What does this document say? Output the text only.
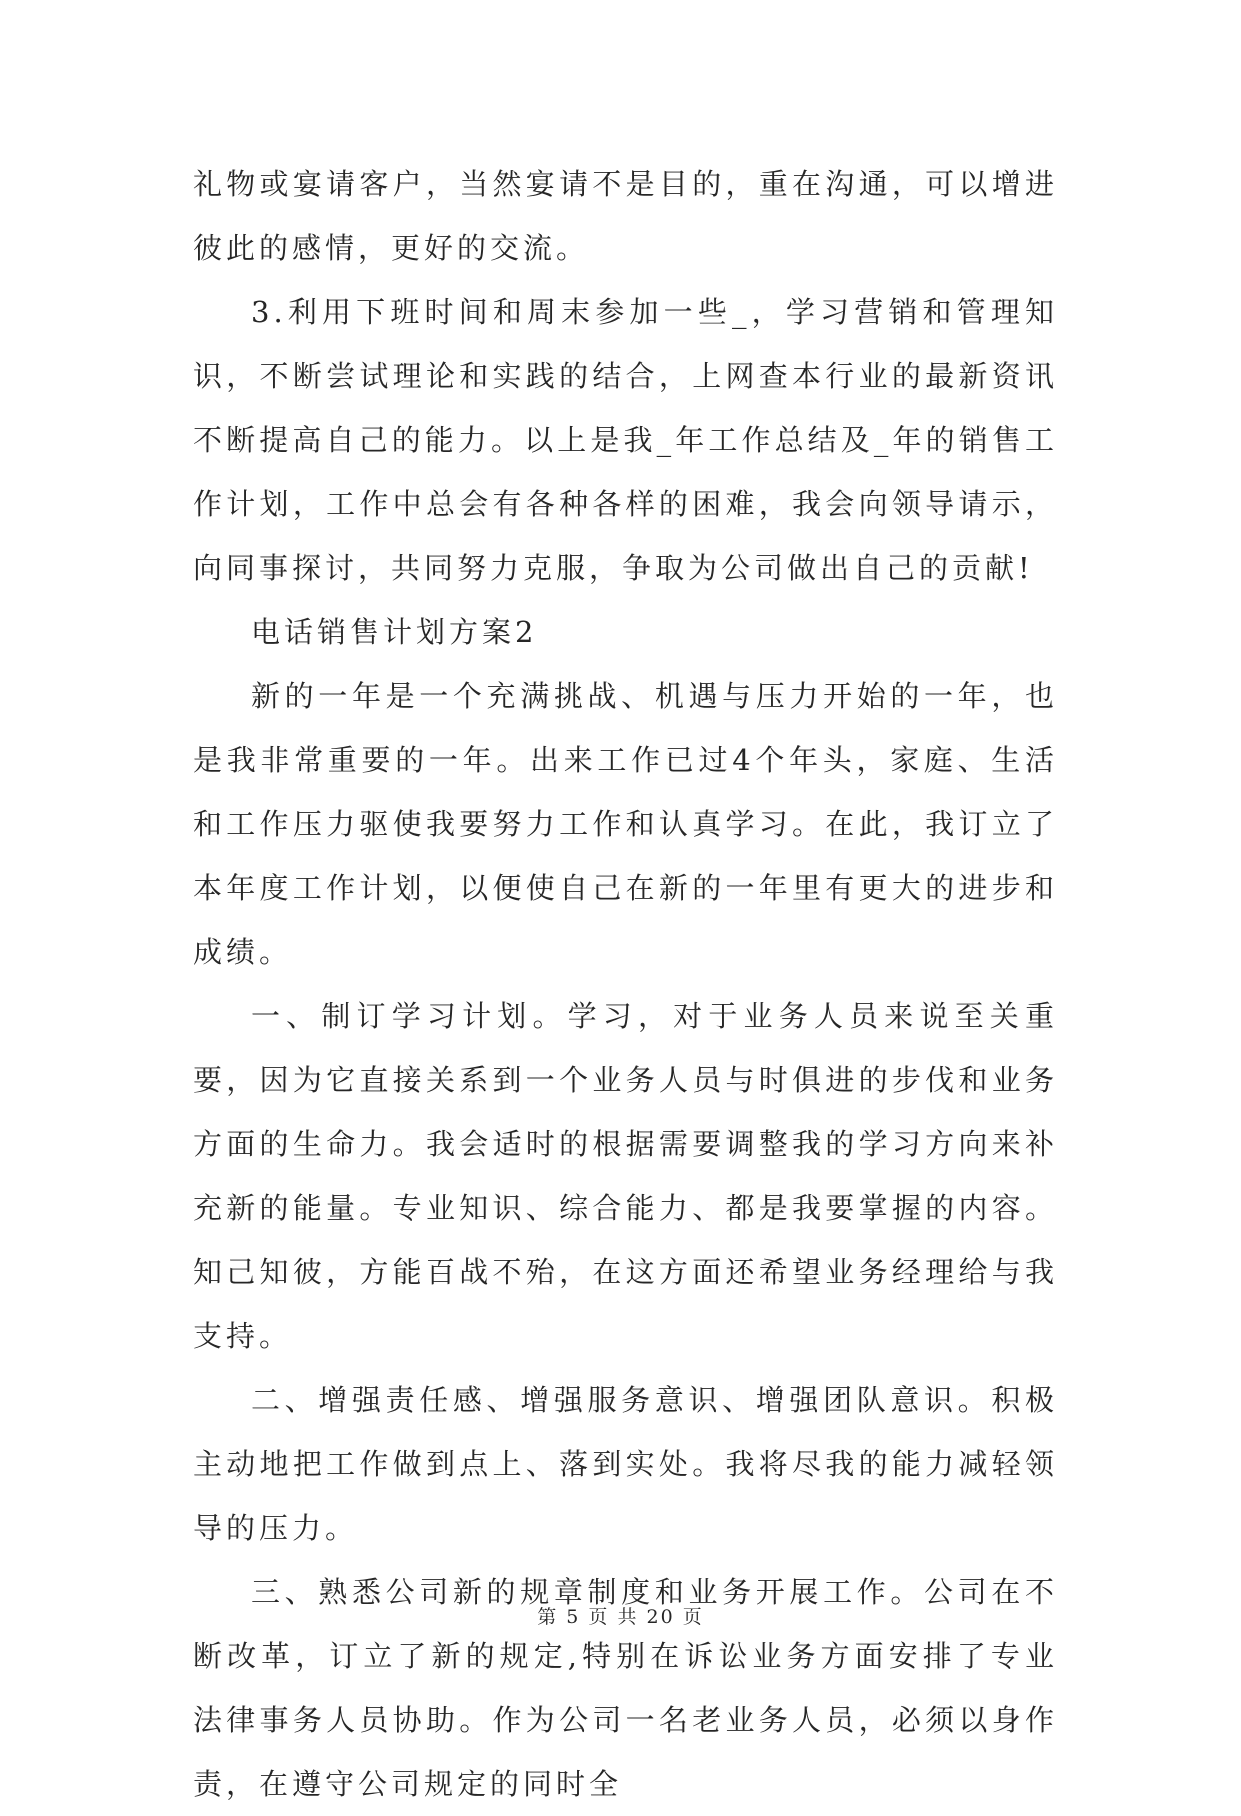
礼物或宴请客户，当然宴请不是目的，重在沟通，可以增进彼此的感情，更好的交流。

3.利用下班时间和周末参加一些_，学习营销和管理知识，不断尝试理论和实践的结合，上网查本行业的最新资讯不断提高自己的能力。以上是我_年工作总结及_年的销售工作计划，工作中总会有各种各样的困难，我会向领导请示，向同事探讨，共同努力克服，争取为公司做出自己的贡献!

电话销售计划方案2

新的一年是一个充满挑战、机遇与压力开始的一年，也是我非常重要的一年。出来工作已过4个年头，家庭、生活和工作压力驱使我要努力工作和认真学习。在此，我订立了本年度工作计划，以便使自己在新的一年里有更大的进步和成绩。

一、制订学习计划。学习，对于业务人员来说至关重要，因为它直接关系到一个业务人员与时俱进的步伐和业务方面的生命力。我会适时的根据需要调整我的学习方向来补充新的能量。专业知识、综合能力、都是我要掌握的内容。知己知彼，方能百战不殆，在这方面还希望业务经理给与我支持。

二、增强责任感、增强服务意识、增强团队意识。积极主动地把工作做到点上、落到实处。我将尽我的能力减轻领导的压力。

三、熟悉公司新的规章制度和业务开展工作。公司在不断改革，订立了新的规定,特别在诉讼业务方面安排了专业法律事务人员协助。作为公司一名老业务人员，必须以身作责，在遵守公司规定的同时全

第 5 页 共 20 页
